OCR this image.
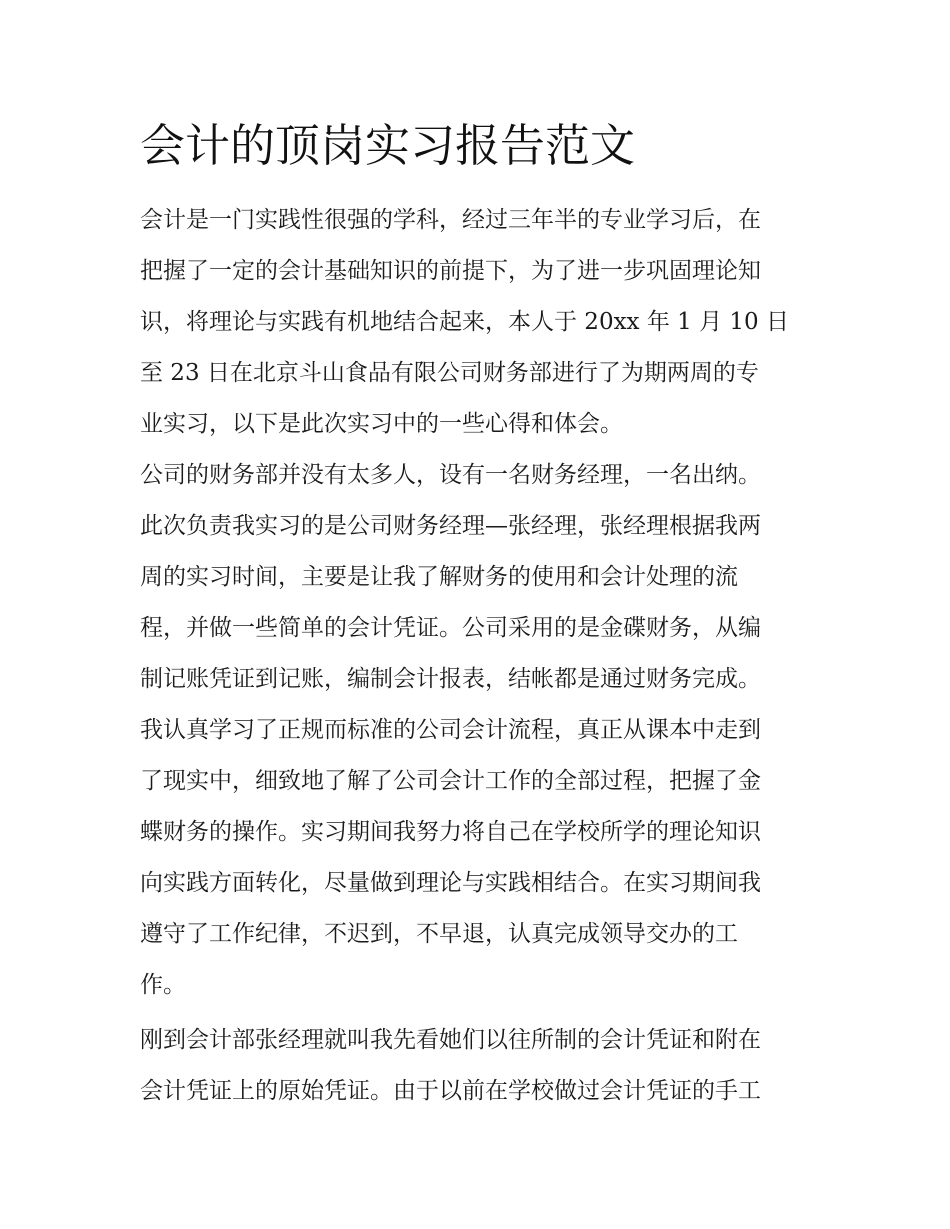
会计的顶岗实习报告范文
会计是一门实践性很强的学科，经过三年半的专业学习后，在
把握了一定的会计基础知识的前提下，为了进一步巩固理论知
识，将理论与实践有机地结合起来，本人于 20xx 年 1 月 10 日
至 23 日在北京斗山食品有限公司财务部进行了为期两周的专
业实习，以下是此次实习中的一些心得和体会。
公司的财务部并没有太多人，设有一名财务经理，一名出纳。
此次负责我实习的是公司财务经理—张经理，张经理根据我两
周的实习时间，主要是让我了解财务的使用和会计处理的流
程，并做一些简单的会计凭证。公司采用的是金碟财务，从编
制记账凭证到记账，编制会计报表，结帐都是通过财务完成。
我认真学习了正规而标准的公司会计流程，真正从课本中走到
了现实中，细致地了解了公司会计工作的全部过程，把握了金
蝶财务的操作。实习期间我努力将自己在学校所学的理论知识
向实践方面转化，尽量做到理论与实践相结合。在实习期间我
遵守了工作纪律，不迟到，不早退，认真完成领导交办的工
作。
刚到会计部张经理就叫我先看她们以往所制的会计凭证和附在
会计凭证上的原始凭证。由于以前在学校做过会计凭证的手工
